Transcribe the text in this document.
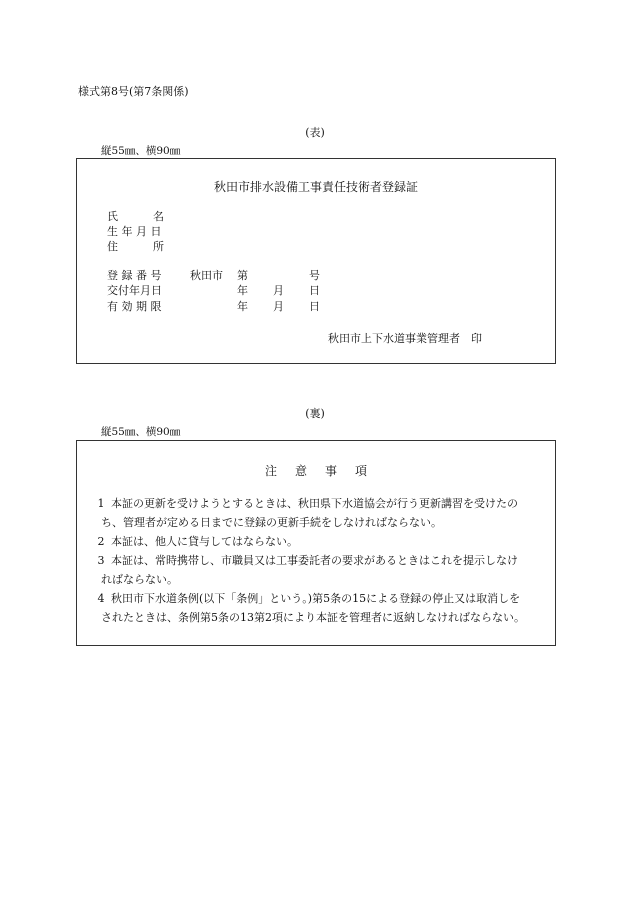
様式第8号(第7条関係)
(表)
縦55㎜、横90㎜
秋田市排水設備工事責任技術者登録証
氏	名
生 年 月 日
住	所
登 録 番 号	秋田市 第	号
交付年月日	年 月 日
有 効 期 限	年 月 日
秋田市上下水道事業管理者　印
(裏)
縦55㎜、横90㎜
注 意 事 項
1 本証の更新を受けようとするときは、秋田県下水道協会が行う更新講習を受けたの
ち、管理者が定める日までに登録の更新手続をしなければならない。
2 本証は、他人に貸与してはならない。
3 本証は、常時携帯し、市職員又は工事委託者の要求があるときはこれを提示しなけ
ればならない。
4 秋田市下水道条例(以下「条例」という。)第5条の15による登録の停止又は取消しを
されたときは、条例第5条の13第2項により本証を管理者に返納しなければならない。
